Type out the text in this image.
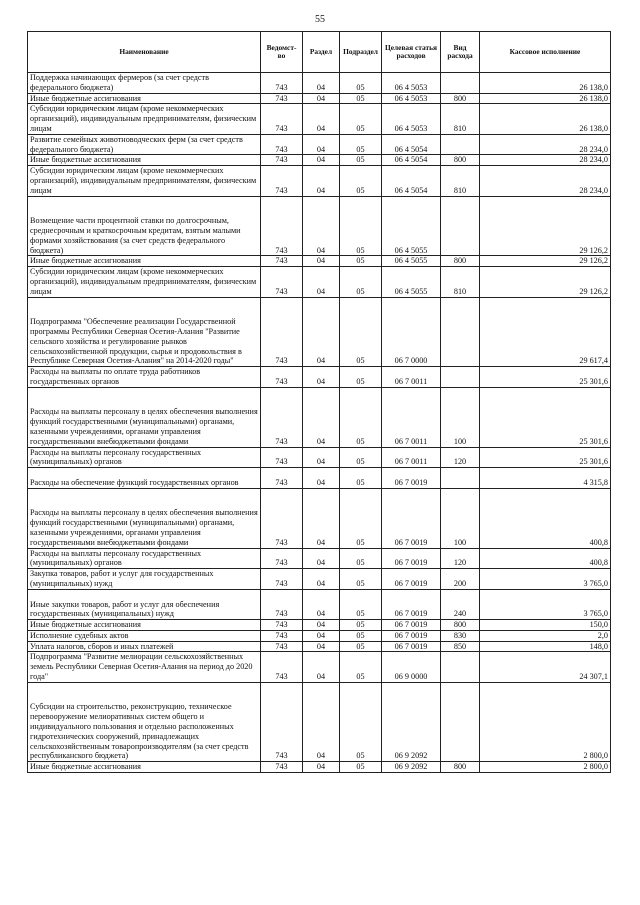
55
Наименование	Ведомст-во	Раздел	Подраздел	Целевая статья расходов	Вид расхода	Кассовое исполнение
Поддержка начинающих фермеров (за счет средств федерального бюджета)	743	04	05	06 4 5053		26 138,0
Иные бюджетные ассигнования	743	04	05	06 4 5053	800	26 138,0
Субсидии юридическим лицам (кроме некоммерческих организаций), индивидуальным предпринимателям, физическим лицам	743	04	05	06 4 5053	810	26 138,0
Развитие семейных животноводческих ферм (за счет средств федерального бюджета)	743	04	05	06 4 5054		28 234,0
Иные бюджетные ассигнования	743	04	05	06 4 5054	800	28 234,0
Субсидии юридическим лицам (кроме некоммерческих организаций), индивидуальным предпринимателям, физическим лицам	743	04	05	06 4 5054	810	28 234,0
Возмещение части процентной ставки по долгосрочным, среднесрочным и краткосрочным кредитам, взятым малыми формами хозяйствования (за счет средств федерального бюджета)	743	04	05	06 4 5055		29 126,2
Иные бюджетные ассигнования	743	04	05	06 4 5055	800	29 126,2
Субсидии юридическим лицам (кроме некоммерческих организаций), индивидуальным предпринимателям, физическим лицам	743	04	05	06 4 5055	810	29 126,2
Подпрограмма "Обеспечение реализации Государственной программы Республики Северная Осетия-Алания "Развитие сельского хозяйства и регулирование рынков сельскохозяйственной продукции, сырья и продовольствия в Республике Северная Осетия-Алания" на 2014-2020 годы"	743	04	05	06 7 0000		29 617,4
Расходы на выплаты по оплате труда работников государственных органов	743	04	05	06 7 0011		25 301,6
Расходы на выплаты персоналу в целях обеспечения выполнения функций государственными (муниципальными) органами, казенными учреждениями, органами управления государственными внебюджетными фондами	743	04	05	06 7 0011	100	25 301,6
Расходы на выплаты персоналу государственных (муниципальных) органов	743	04	05	06 7 0011	120	25 301,6
Расходы на обеспечение функций государственных органов	743	04	05	06 7 0019		4 315,8
Расходы на выплаты персоналу в целях обеспечения выполнения функций государственными (муниципальными) органами, казенными учреждениями, органами управления государственными внебюджетными фондами	743	04	05	06 7 0019	100	400,8
Расходы на выплаты персоналу государственных (муниципальных) органов	743	04	05	06 7 0019	120	400,8
Закупка товаров, работ и услуг для государственных (муниципальных) нужд	743	04	05	06 7 0019	200	3 765,0
Иные закупки товаров, работ и услуг для обеспечения государственных (муниципальных) нужд	743	04	05	06 7 0019	240	3 765,0
Иные бюджетные ассигнования	743	04	05	06 7 0019	800	150,0
Исполнение судебных актов	743	04	05	06 7 0019	830	2,0
Уплата налогов, сборов и иных платежей	743	04	05	06 7 0019	850	148,0
Подпрограмма "Развитие мелиорации сельскохозяйственных земель Республики Северная Осетия-Алания на период до 2020 года"	743	04	05	06 9 0000		24 307,1
Субсидии на строительство, реконструкцию, техническое перевооружение мелиоративных систем общего и индивидуального пользования и отдельно расположенных гидротехнических сооружений, принадлежащих сельскохозяйственным товаропроизводителям (за счет средств республиканского бюджета)	743	04	05	06 9 2092		2 800,0
Иные бюджетные ассигнования	743	04	05	06 9 2092	800	2 800,0
